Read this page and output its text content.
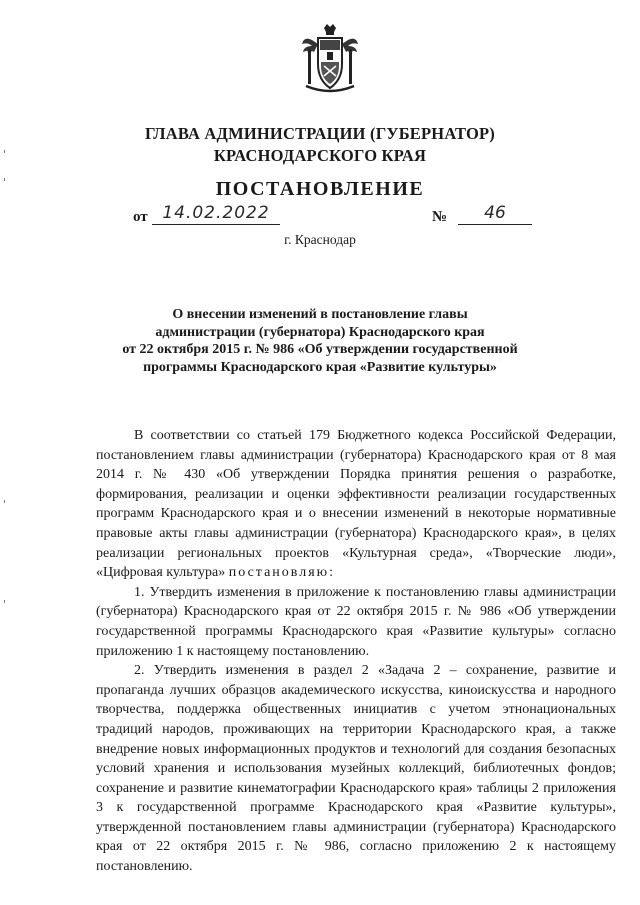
ГЛАВА АДМИНИСТРАЦИИ (ГУБЕРНАТОР)
КРАСНОДАРСКОГО КРАЯ
ПОСТАНОВЛЕНИЕ
от 14.02.2022	№	46
г. Краснодар
О внесении изменений в постановление главы
администрации (губернатора) Краснодарского края
от 22 октября 2015 г. № 986 «Об утверждении государственной
программы Краснодарского края «Развитие культуры»

В соответствии со статьей 179 Бюджетного кодекса Российской Федерации, постановлением главы администрации (губернатора) Краснодарского края от 8 мая 2014 г. № 430 «Об утверждении Порядка принятия решения о разработке, формирования, реализации и оценки эффективности реализации государственных программ Краснодарского края и о внесении изменений в некоторые нормативные правовые акты главы администрации (губернатора) Краснодарского края», в целях реализации региональных проектов «Культурная среда», «Творческие люди», «Цифровая культура» постановляю:

1. Утвердить изменения в приложение к постановлению главы администрации (губернатора) Краснодарского края от 22 октября 2015 г. № 986 «Об утверждении государственной программы Краснодарского края «Развитие культуры» согласно приложению 1 к настоящему постановлению.

2. Утвердить изменения в раздел 2 «Задача 2 – сохранение, развитие и пропаганда лучших образцов академического искусства, киноискусства и народного творчества, поддержка общественных инициатив с учетом этнонациональных традиций народов, проживающих на территории Краснодарского края, а также внедрение новых информационных продуктов и технологий для создания безопасных условий хранения и использования музейных коллекций, библиотечных фондов; сохранение и развитие кинематографии Краснодарского края» таблицы 2 приложения 3 к государственной программе Краснодарского края «Развитие культуры», утвержденной постановлением главы администрации (губернатора) Краснодарского края от 22 октября 2015 г. № 986, согласно приложению 2 к настоящему постановлению.
